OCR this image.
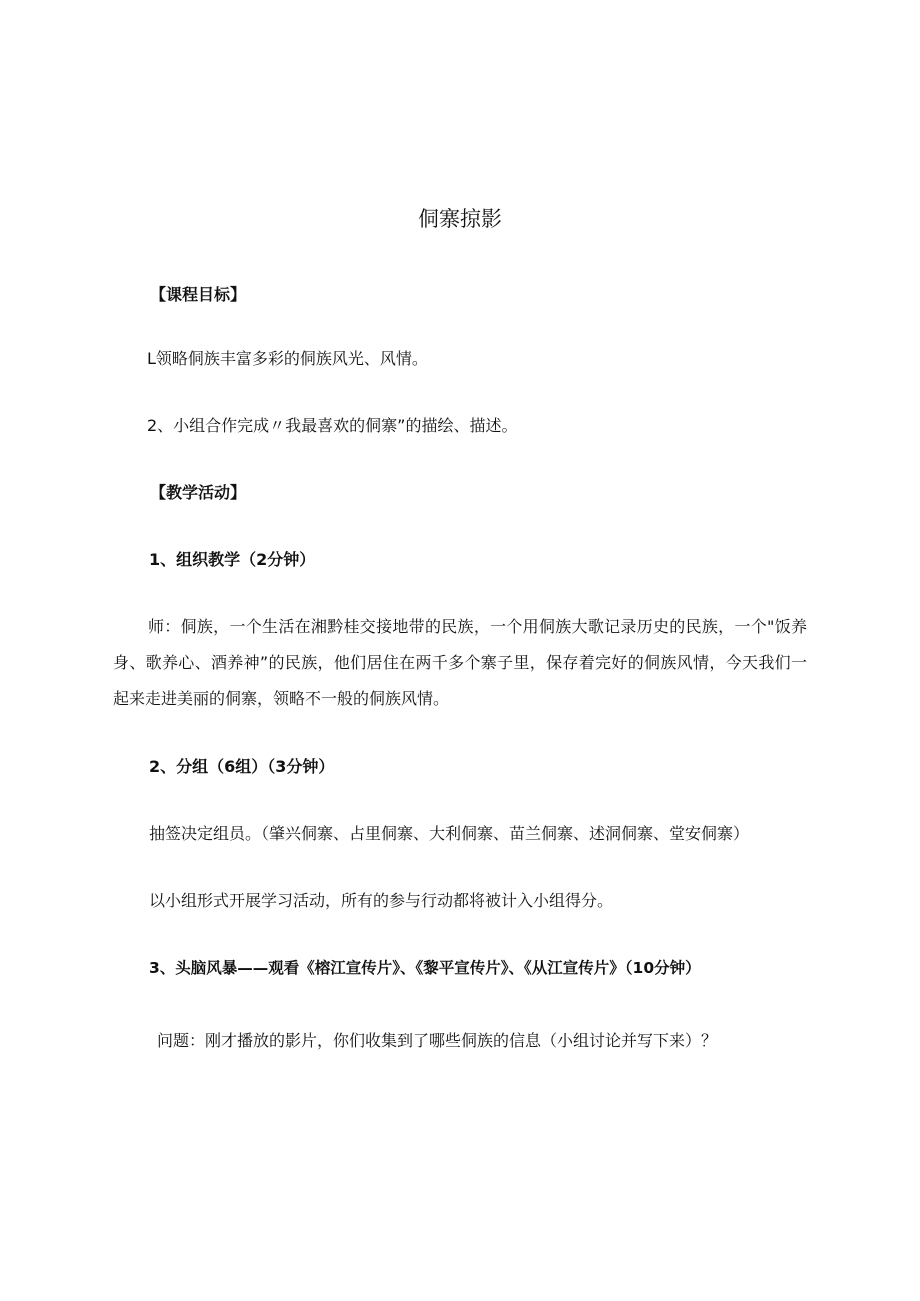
侗寨掠影

【课程目标】

L领略侗族丰富多彩的侗族风光、风情。

2、小组合作完成〃我最喜欢的侗寨”的描绘、描述。

【教学活动】

1、组织教学（2分钟）

师：侗族，一个生活在湘黔桂交接地带的民族，一个用侗族大歌记录历史的民族，一个"饭养身、歌养心、酒养神”的民族，他们居住在两千多个寨子里，保存着完好的侗族风情，今天我们一起来走进美丽的侗寨，领略不一般的侗族风情。

2、分组（6组）（3分钟）

抽签决定组员。（肇兴侗寨、占里侗寨、大利侗寨、苗兰侗寨、述洞侗寨、堂安侗寨）

以小组形式开展学习活动，所有的参与行动都将被计入小组得分。

3、头脑风暴——观看《榕江宣传片》、《黎平宣传片》、《从江宣传片》（10分钟）

问题：刚才播放的影片，你们收集到了哪些侗族的信息（小组讨论并写下来）？
